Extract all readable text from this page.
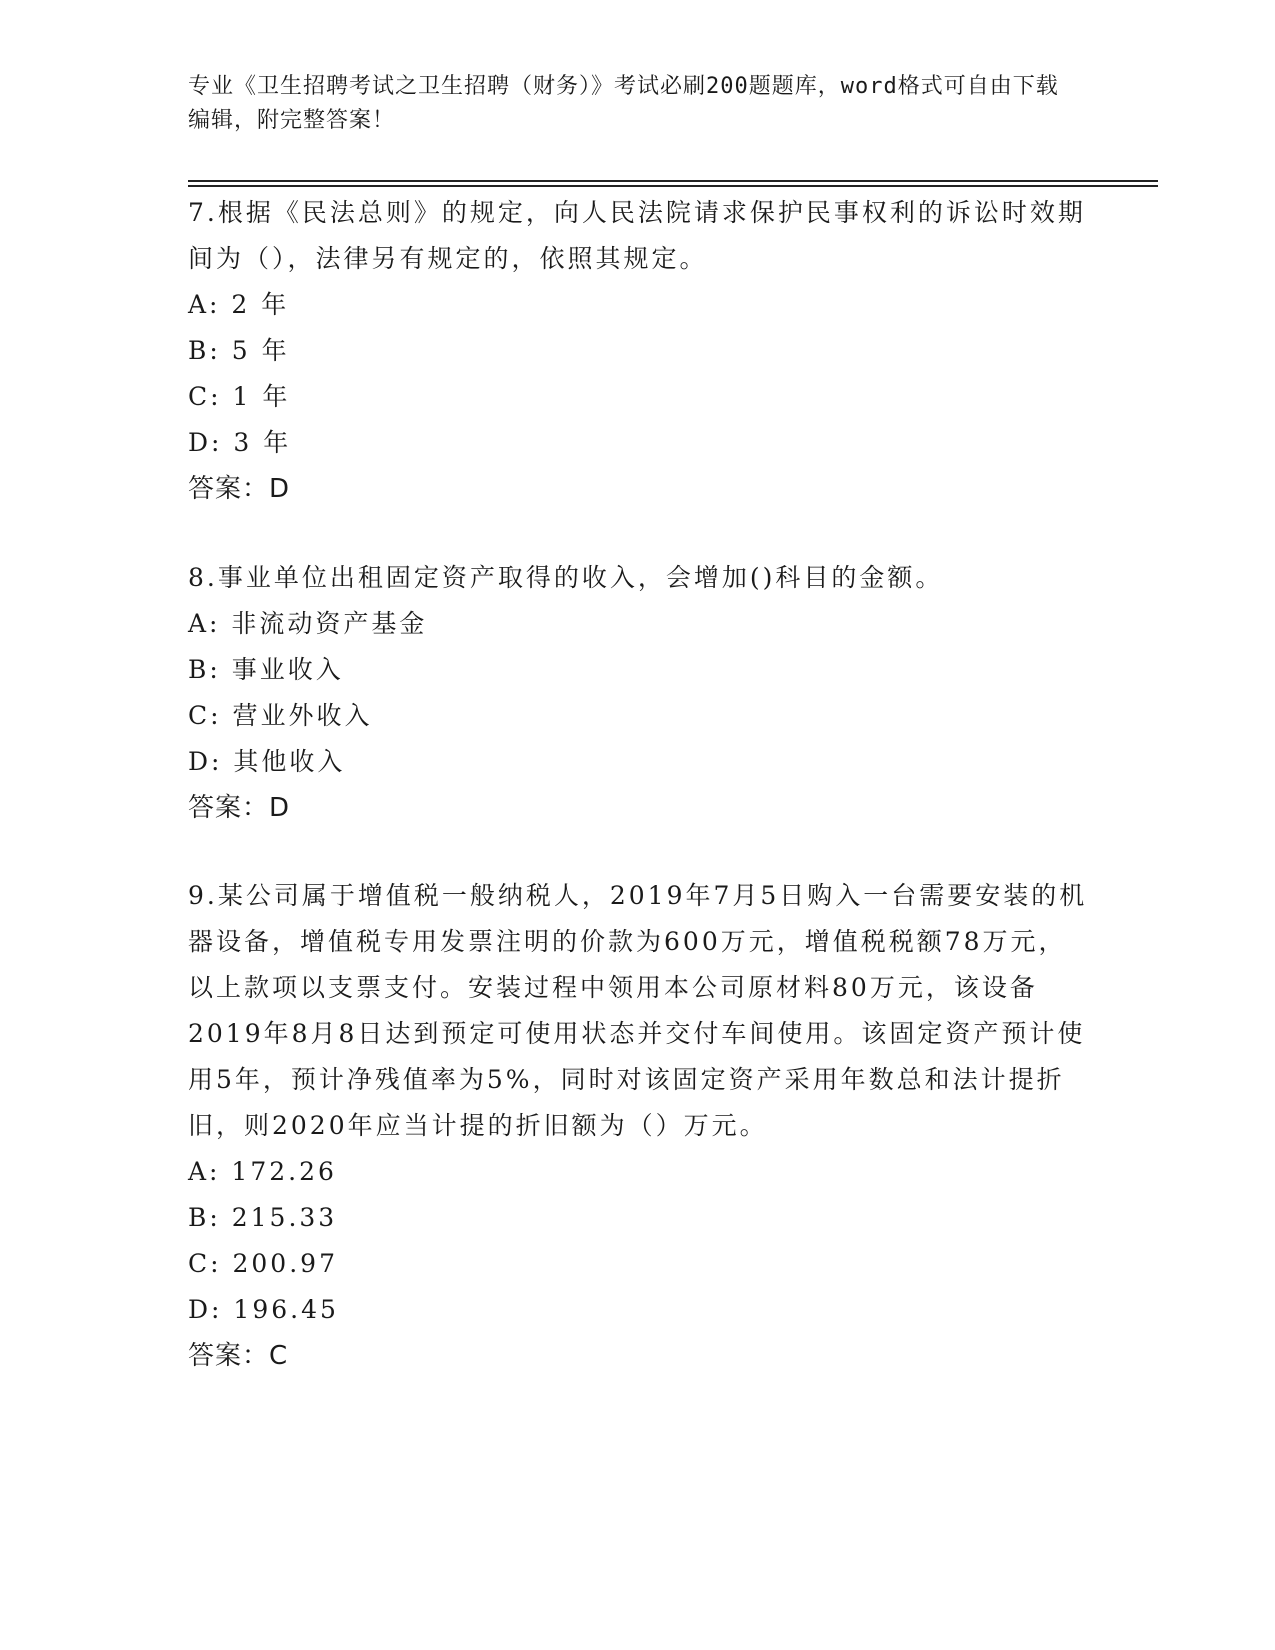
专业《卫生招聘考试之卫生招聘（财务）》考试必刷200题题库，word格式可自由下载编辑，附完整答案！

7.根据《民法总则》的规定，向人民法院请求保护民事权利的诉讼时效期间为（），法律另有规定的，依照其规定。

A: 2 年

B: 5 年

C: 1 年

D: 3 年

答案：D

8.事业单位出租固定资产取得的收入，会增加()科目的金额。

A: 非流动资产基金

B: 事业收入

C: 营业外收入

D: 其他收入

答案：D

9.某公司属于增值税一般纳税人，2019年7月5日购入一台需要安装的机器设备，增值税专用发票注明的价款为600万元，增值税税额78万元，以上款项以支票支付。安装过程中领用本公司原材料80万元，该设备2019年8月8日达到预定可使用状态并交付车间使用。该固定资产预计使用5年，预计净残值率为5%，同时对该固定资产采用年数总和法计提折旧，则2020年应当计提的折旧额为（）万元。

A: 172.26

B: 215.33

C: 200.97

D: 196.45

答案：C
